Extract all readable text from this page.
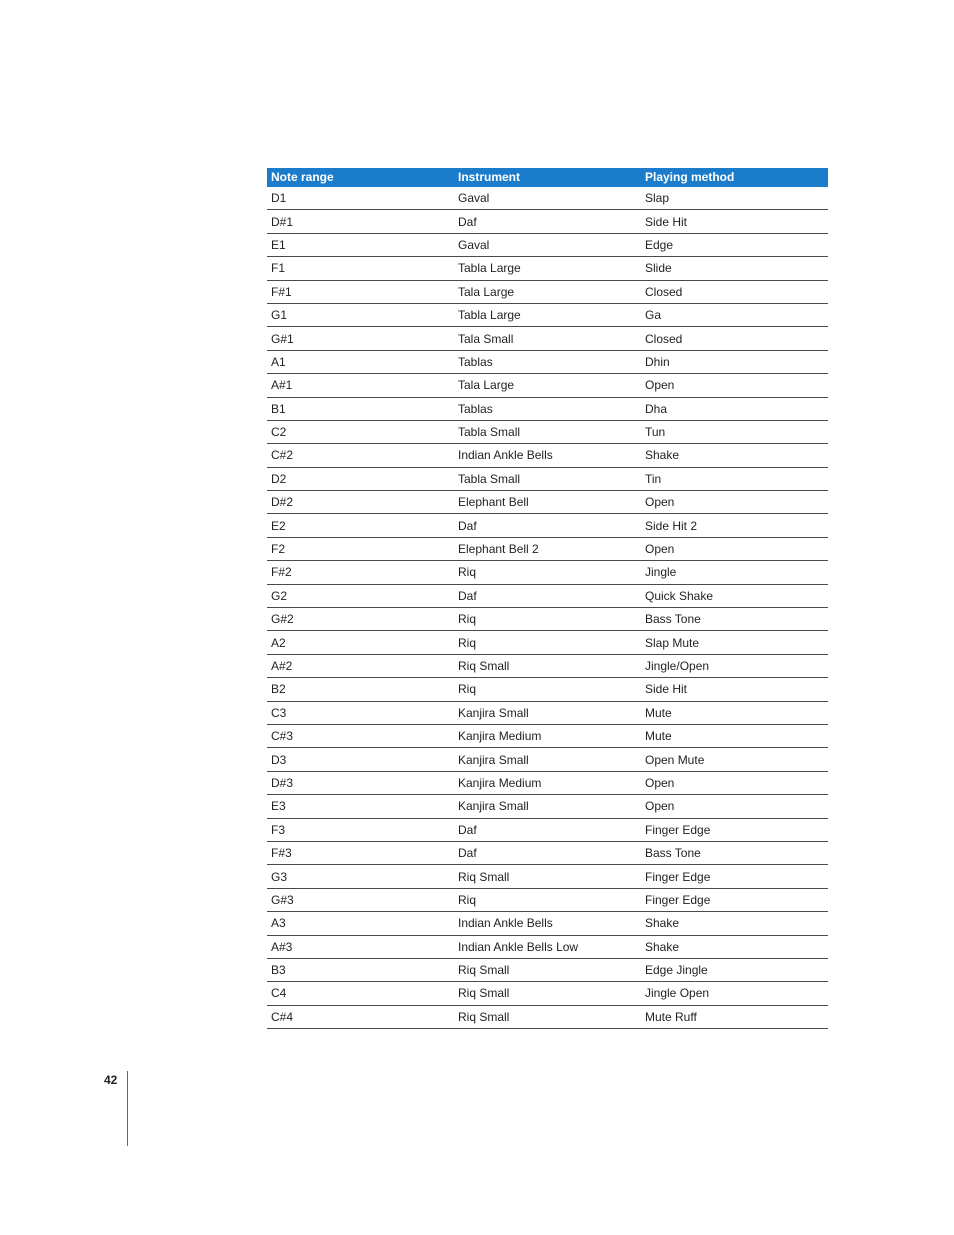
Note range	Instrument	Playing method
D1	Gaval	Slap
D#1	Daf	Side Hit
E1	Gaval	Edge
F1	Tabla Large	Slide
F#1	Tala Large	Closed
G1	Tabla Large	Ga
G#1	Tala Small	Closed
A1	Tablas	Dhin
A#1	Tala Large	Open
B1	Tablas	Dha
C2	Tabla Small	Tun
C#2	Indian Ankle Bells	Shake
D2	Tabla Small	Tin
D#2	Elephant Bell	Open
E2	Daf	Side Hit 2
F2	Elephant Bell 2	Open
F#2	Riq	Jingle
G2	Daf	Quick Shake
G#2	Riq	Bass Tone
A2	Riq	Slap Mute
A#2	Riq Small	Jingle/Open
B2	Riq	Side Hit
C3	Kanjira Small	Mute
C#3	Kanjira Medium	Mute
D3	Kanjira Small	Open Mute
D#3	Kanjira Medium	Open
E3	Kanjira Small	Open
F3	Daf	Finger Edge
F#3	Daf	Bass Tone
G3	Riq Small	Finger Edge
G#3	Riq	Finger Edge
A3	Indian Ankle Bells	Shake
A#3	Indian Ankle Bells Low	Shake
B3	Riq Small	Edge Jingle
C4	Riq Small	Jingle Open
C#4	Riq Small	Mute Ruff
42
